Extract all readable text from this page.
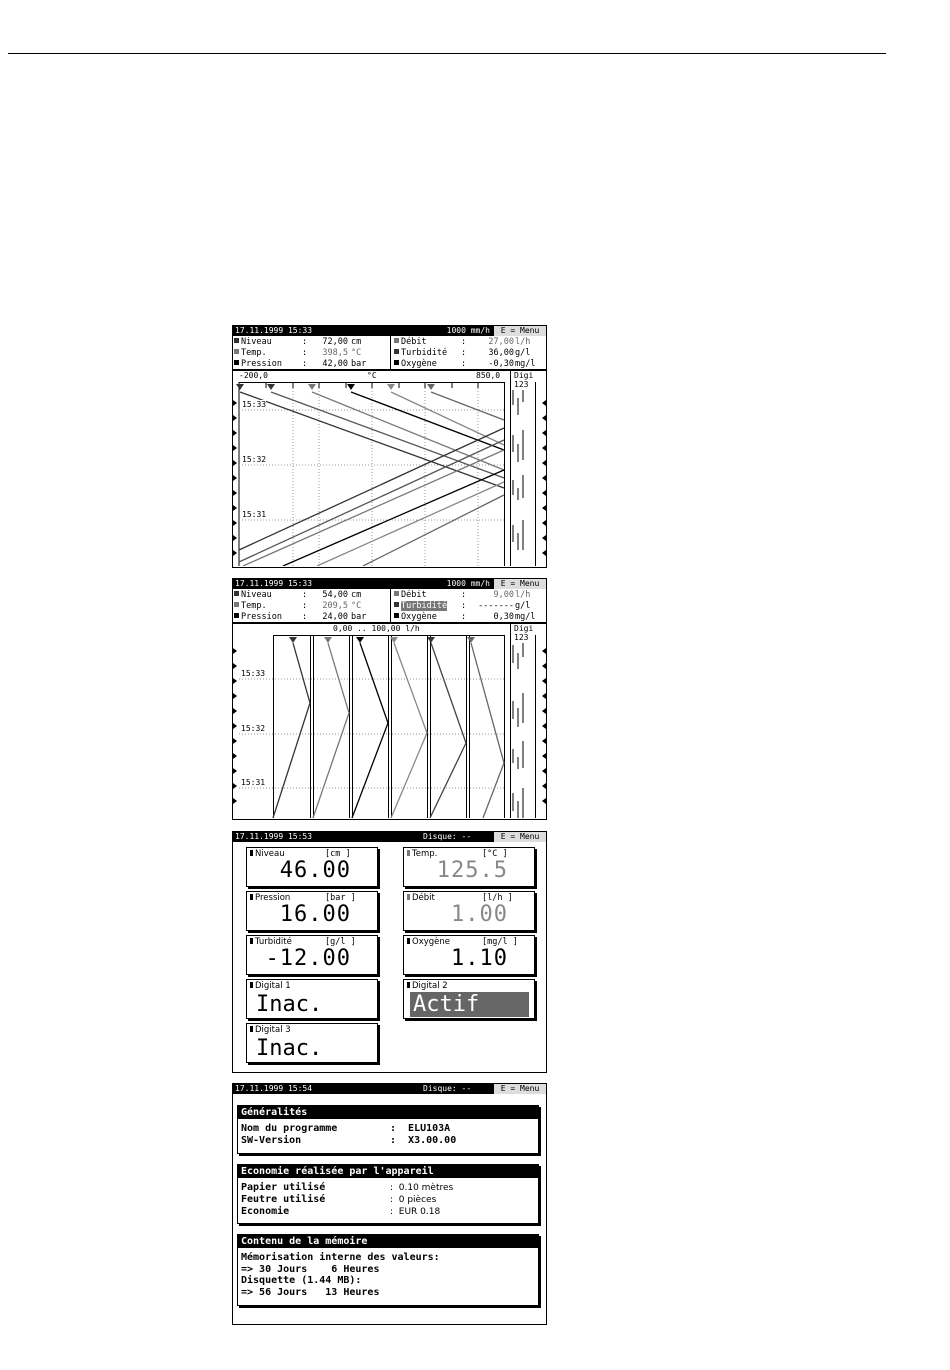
17.11.1999 15:33	1000 mm/h	E = Menu
Niveau	:	72,00 cm
Temp.	:	398,5 °C
Pression :	42,00 bar
Débit	:	27,00 l/h
Turbidité :	36,00 g/l
Oxygène	:	-0,30 mg/l
-200,0	°C	850,0 Digi
123
15:33
15:32
15:31
17.11.1999 15:33	1000 mm/h	E = Menu
Niveau	:	54,00 cm
Temp.	:	209,5 °C
Pression :	24,00 bar
Débit	:	9,00 l/h
Turbidité :	------- g/l
Oxygène	:	0,30 mg/l
0,00 .. 100,00 l/h	Digi
123
15:33
15:32
15:31
17.11.1999 15:53	Disque: --	E = Menu
Niveau	[cm ]
46.00
Temp.	[°C ]
125.5
Pression	[bar ]
16.00
Débit	[l/h ]
1.00
Turbidité	[g/l ]
-12.00
Oxygène	[mg/l ]
1.10
Digital 1
Inac.
Digital 2
Actif
Digital 3
Inac.
17.11.1999 15:54	Disque: --	E = Menu
Généralités
Nom du programme	:  ELU103A
SW-Version	:  X3.00.00
Economie réalisée par l'appareil
Papier utilisé	:  0.10 mètres
Feutre utilisé	:  0 pièces
Economie	:  EUR 0.18
Contenu de la mémoire
Mémorisation interne des valeurs:
=> 30 Jours    6 Heures
Disquette (1.44 MB):
=> 56 Jours   13 Heures
